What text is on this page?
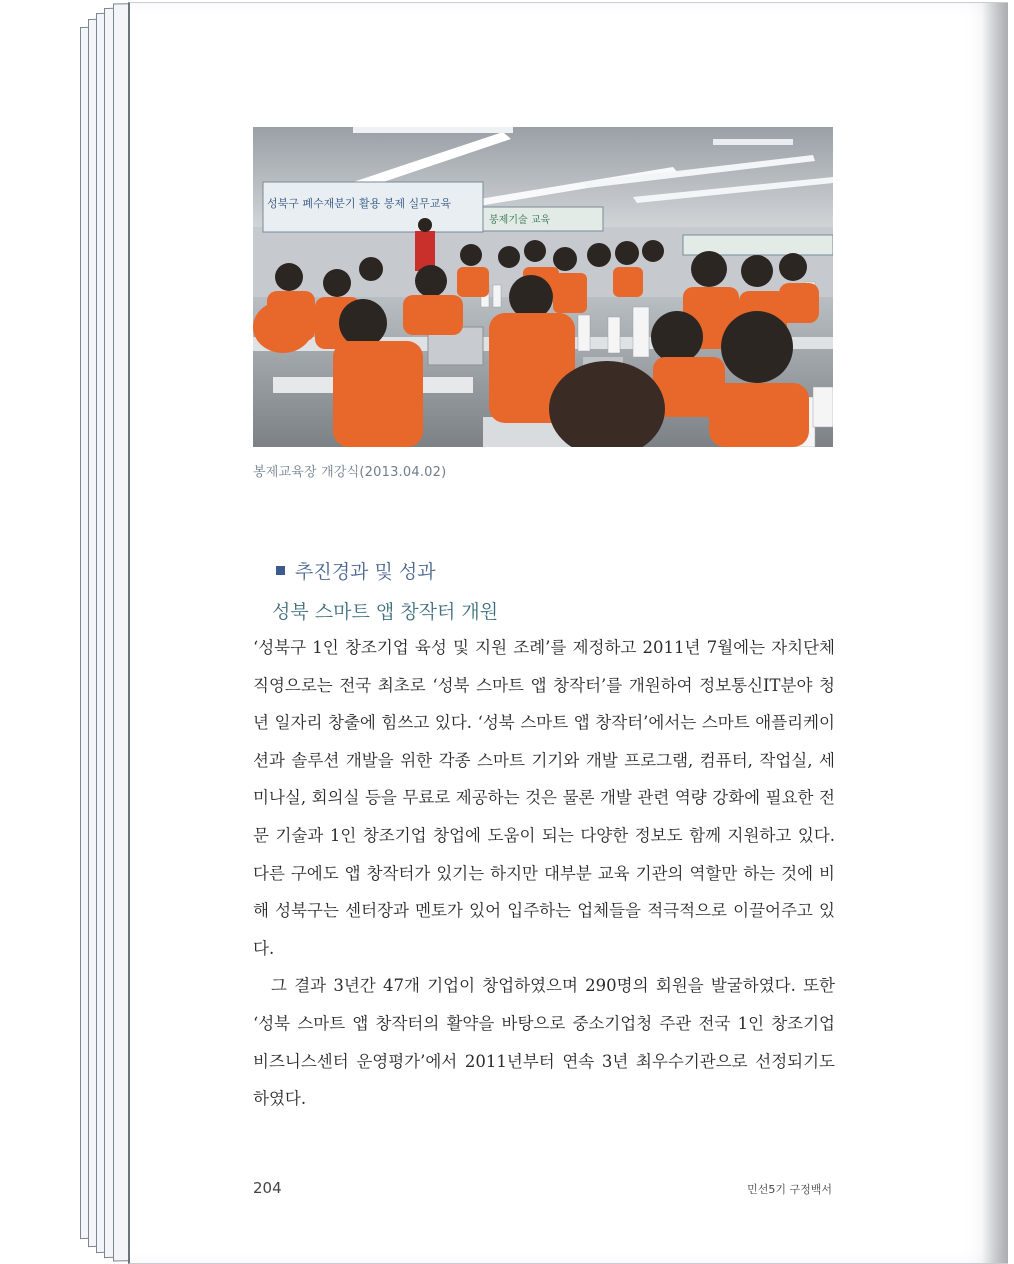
성북구 폐수재분기 활용 봉제 실무교육
봉제기술 교육
봉제교육장 개강식(2013.04.02)
추진경과 및 성과
성북 스마트 앱 창작터 개원

‘성북구 1인 창조기업 육성 및 지원 조례’를 제정하고 2011년 7월에는 자치단체 직영으로는 전국 최초로 ‘성북 스마트 앱 창작터’를 개원하여 정보통신IT분야 청년 일자리 창출에 힘쓰고 있다. ‘성북 스마트 앱 창작터’에서는 스마트 애플리케이션과 솔루션 개발을 위한 각종 스마트 기기와 개발 프로그램, 컴퓨터, 작업실, 세미나실, 회의실 등을 무료로 제공하는 것은 물론 개발 관련 역량 강화에 필요한 전문 기술과 1인 창조기업 창업에 도움이 되는 다양한 정보도 함께 지원하고 있다. 다른 구에도 앱 창작터가 있기는 하지만 대부분 교육 기관의 역할만 하는 것에 비해 성북구는 센터장과 멘토가 있어 입주하는 업체들을 적극적으로 이끌어주고 있다.

그 결과 3년간 47개 기업이 창업하였으며 290명의 회원을 발굴하였다. 또한 ‘성북 스마트 앱 창작터의 활약을 바탕으로 중소기업청 주관 전국 1인 창조기업 비즈니스센터 운영평가’에서 2011년부터 연속 3년 최우수기관으로 선정되기도 하였다.

204	민선5기 구정백서
